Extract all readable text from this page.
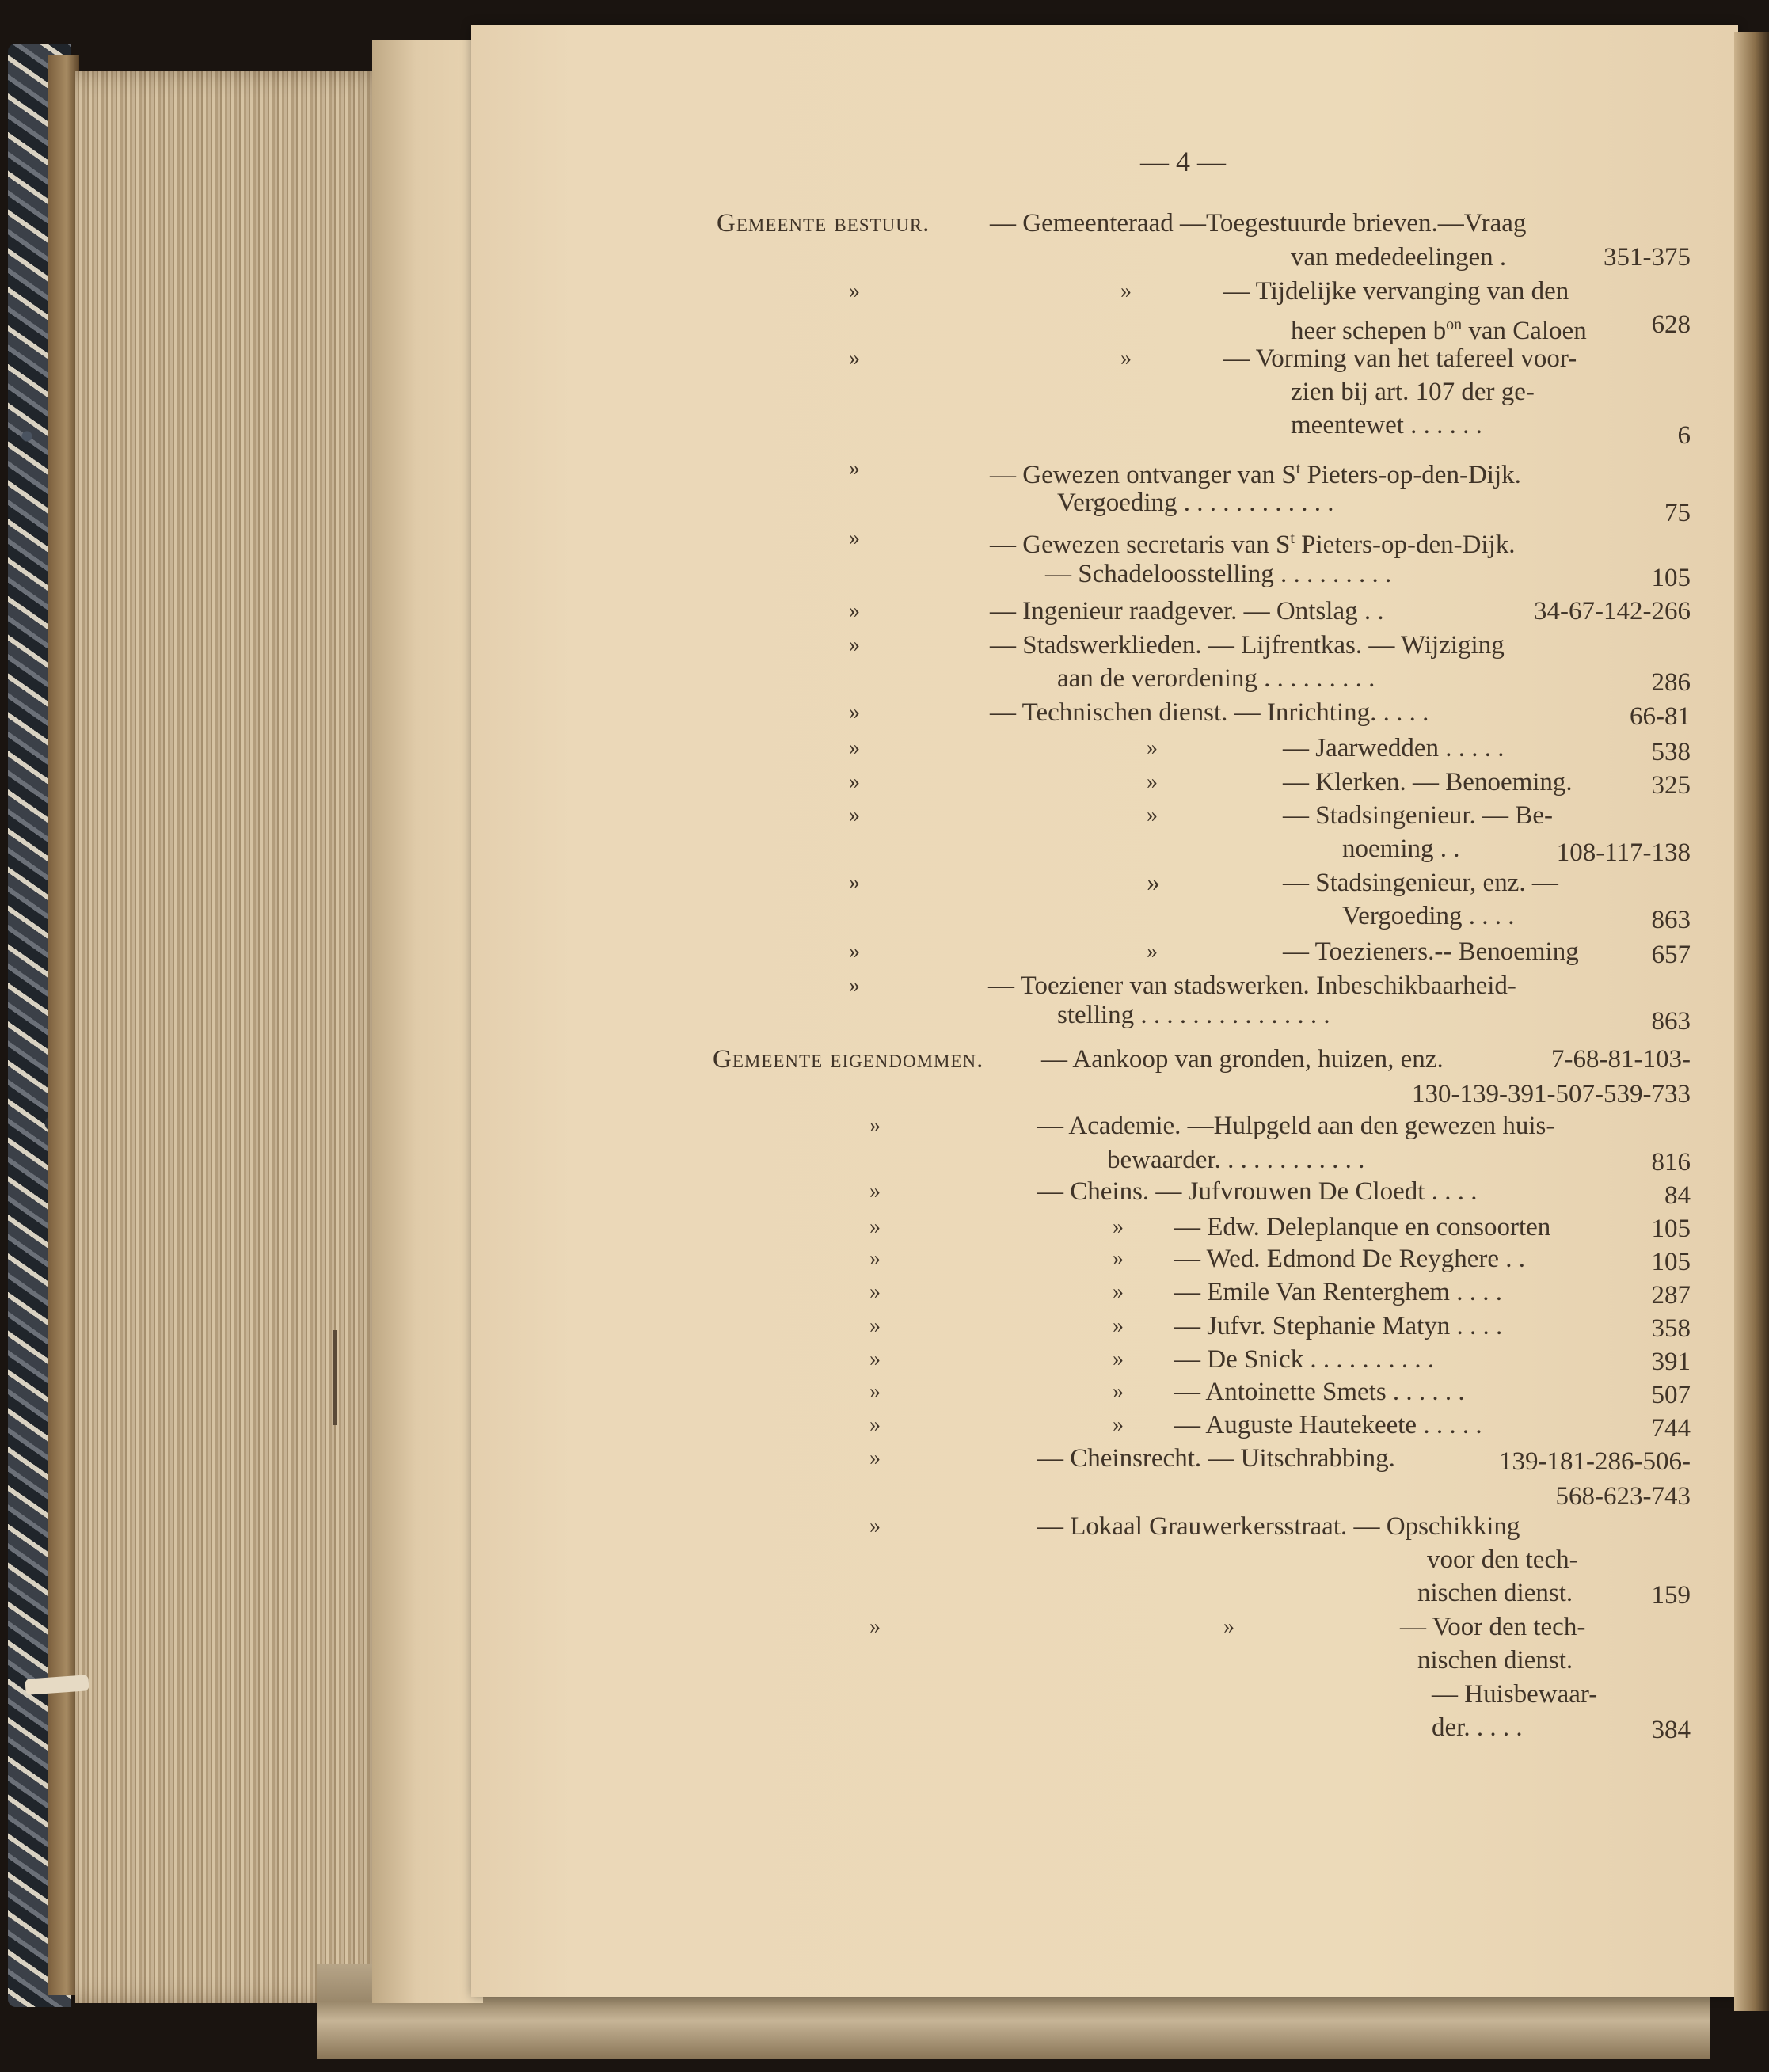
— 4 —
Gemeente bestuur. — Gemeenteraad —Toegestuurde brieven.—Vraag
van mededeelingen .	351-375
»	»	— Tijdelijke vervanging van den
heer schepen $b^{on}$ van Caloen 628
»	»	— Vorming van het tafereel voor-
zien bij art. 107 der ge-
meentewet . . . . . .	6
»	— Gewezen ontvanger van $S^t$ Pieters-op-den-Dijk.
Vergoeding . . . . . . . . . . . .	75
»	— Gewezen secretaris van $S^t$ Pieters-op-den-Dijk.
— Schadeloosstelling . . . . . . . . .	105
»	— Ingenieur raadgever. — Ontslag . .	34-67-142-266
»	— Stadswerklieden. — Lijfrentkas. — Wijziging
aan de verordening . . . . . . . . .	286
»	— Technischen dienst. — Inrichting. . . . .	66-81
»	»	— Jaarwedden . . . . .	538
»	»	— Klerken. — Benoeming.	325
»	»	— Stadsingenieur. — Be-
noeming . .	108-117-138
»	»	— Stadsingenieur, enz. —
Vergoeding . . . .	863
»	»	— Toezieners.-- Benoeming	657
»	— Toeziener van stadswerken. Inbeschikbaarheid-
stelling . . . . . . . . . . . . . . .	863
Gemeente eigendommen. — Aankoop van gronden, huizen, enz.	7-68-81-103-
130-139-391-507-539-733
»	— Academie. —Hulpgeld aan den gewezen huis-
bewaarder. . . . . . . . . . . .	816
»	— Cheins. — Jufvrouwen De Cloedt . . . .	84
»	» — Edw. Deleplanque en consoorten	105
»	» — Wed. Edmond De Reyghere . .	105
»	» — Emile Van Renterghem . . . .	287
»	» — Jufvr. Stephanie Matyn . . . .	358
»	» — De Snick . . . . . . . . . .	391
»	» — Antoinette Smets . . . . . .	507
»	» — Auguste Hautekeete . . . . .	744
»	— Cheinsrecht. — Uitschrabbing.	139-181-286-506-
568-623-743
»	— Lokaal Grauwerkersstraat. — Opschikking
voor den tech-
nischen dienst.	159
»	»	— Voor den tech-
nischen dienst.
— Huisbewaar-
der. . . . .	384
